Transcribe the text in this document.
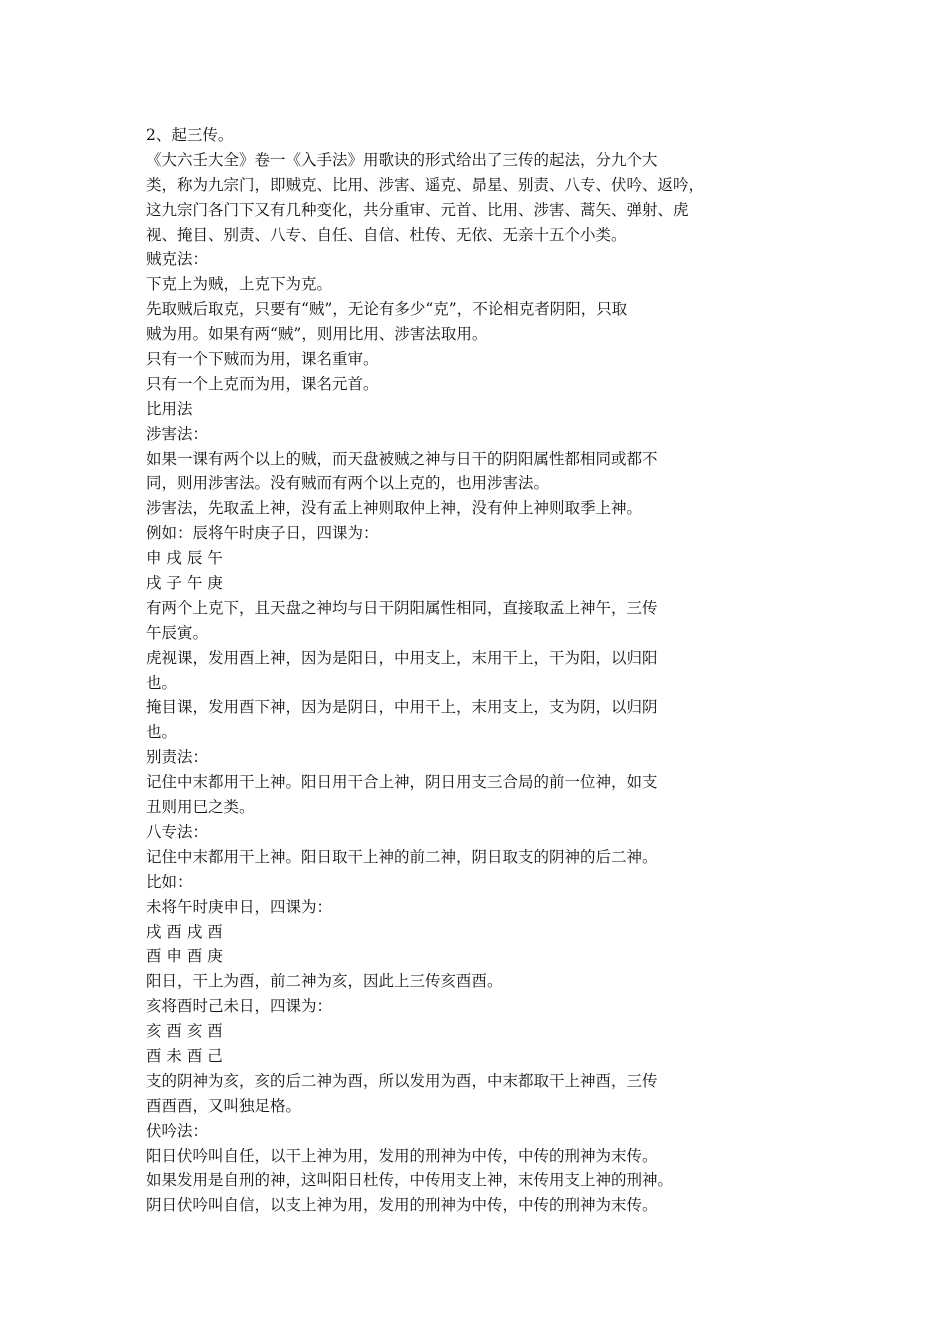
2、起三传。
《大六壬大全》卷一《入手法》用歌诀的形式给出了三传的起法，分九个大
类，称为九宗门，即贼克、比用、涉害、遥克、昴星、别责、八专、伏吟、返吟，
这九宗门各门下又有几种变化，共分重审、元首、比用、涉害、蒿矢、弹射、虎
视、掩目、别责、八专、自任、自信、杜传、无依、无亲十五个小类。
贼克法：
下克上为贼，上克下为克。
先取贼后取克，只要有“贼”，无论有多少“克”，不论相克者阴阳，只取
贼为用。如果有两“贼”，则用比用、涉害法取用。
只有一个下贼而为用，课名重审。
只有一个上克而为用，课名元首。
比用法
涉害法：
如果一课有两个以上的贼，而天盘被贼之神与日干的阴阳属性都相同或都不
同，则用涉害法。没有贼而有两个以上克的，也用涉害法。
涉害法，先取孟上神，没有孟上神则取仲上神，没有仲上神则取季上神。
例如：辰将午时庚子日，四课为：
申 戌 辰 午
戌 子 午 庚
有两个上克下，且天盘之神均与日干阴阳属性相同，直接取孟上神午，三传
午辰寅。
虎视课，发用酉上神，因为是阳日，中用支上，末用干上，干为阳，以归阳
也。
掩目课，发用酉下神，因为是阴日，中用干上，末用支上，支为阴，以归阴
也。
别责法：
记住中末都用干上神。阳日用干合上神，阴日用支三合局的前一位神，如支
丑则用巳之类。
八专法：
记住中末都用干上神。阳日取干上神的前二神，阴日取支的阴神的后二神。
比如：
未将午时庚申日，四课为：
戌 酉 戌 酉
酉 申 酉 庚
阳日，干上为酉，前二神为亥，因此上三传亥酉酉。
亥将酉时己未日，四课为：
亥 酉 亥 酉
酉 未 酉 己
支的阴神为亥，亥的后二神为酉，所以发用为酉，中末都取干上神酉，三传
酉酉酉，又叫独足格。
伏吟法：
阳日伏吟叫自任，以干上神为用，发用的刑神为中传，中传的刑神为末传。
如果发用是自刑的神，这叫阳日杜传，中传用支上神，末传用支上神的刑神。
阴日伏吟叫自信，以支上神为用，发用的刑神为中传，中传的刑神为末传。
